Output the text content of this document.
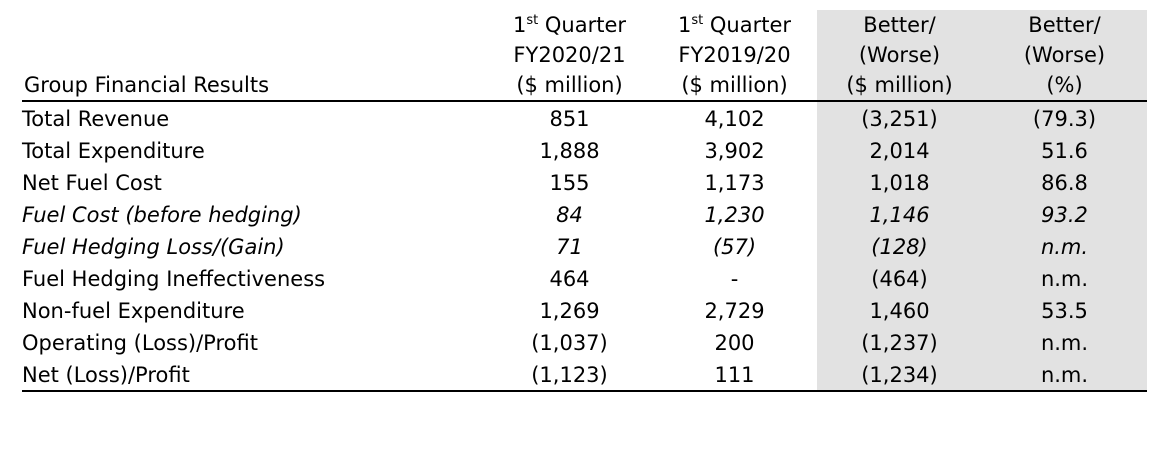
	1st Quarter	1st Quarter	Better/	Better/
	FY2020/21	FY2019/20	(Worse)	(Worse)
Group Financial Results	($ million)	($ million)	($ million)	(%)
Total Revenue	851	4,102	(3,251)	(79.3)
Total Expenditure	1,888	3,902	2,014	51.6
Net Fuel Cost	155	1,173	1,018	86.8
Fuel Cost (before hedging)	84	1,230	1,146	93.2
Fuel Hedging Loss/(Gain)	71	(57)	(128)	n.m.
Fuel Hedging Ineffectiveness	464	-	(464)	n.m.
Non-fuel Expenditure	1,269	2,729	1,460	53.5
Operating (Loss)/Profit	(1,037)	200	(1,237)	n.m.
Net (Loss)/Profit	(1,123)	111	(1,234)	n.m.
